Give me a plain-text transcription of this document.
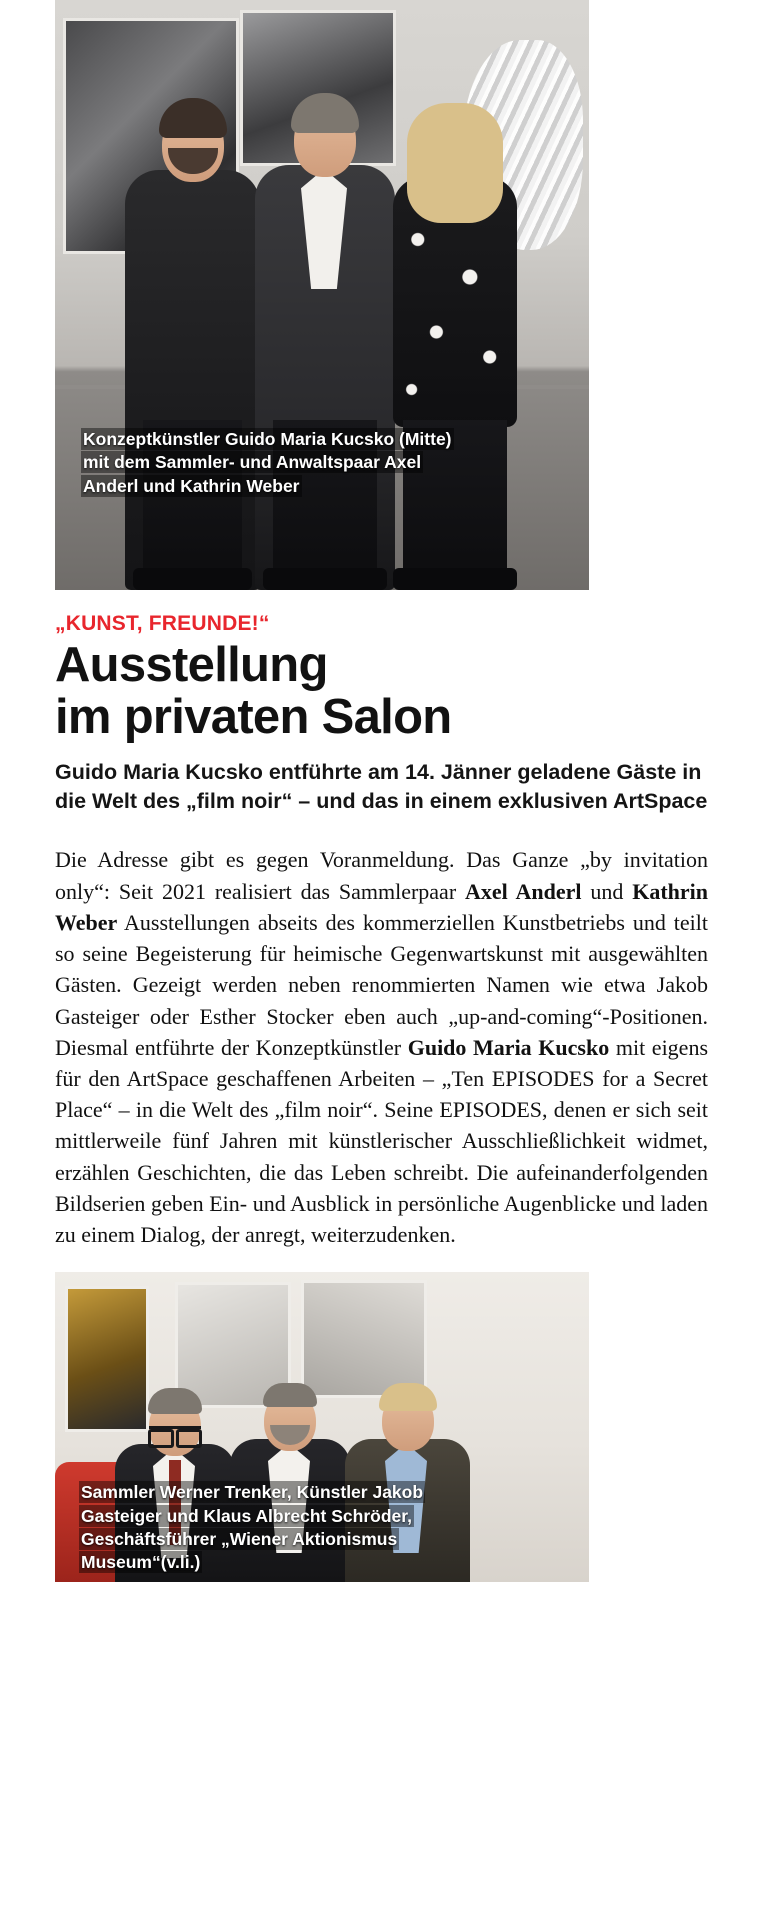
Konzeptkünstler Guido Maria Kucsko (Mitte)
mit dem Sammler- und Anwaltspaar Axel
Anderl und Kathrin Weber
„KUNST, FREUNDE!“
Ausstellung
im privaten Salon

Guido Maria Kucsko entführte am 14. Jänner geladene Gäste in die Welt des „film noir“ – und das in einem exklusiven ArtSpace

Die Adresse gibt es gegen Voranmeldung. Das Ganze „by invitation only“: Seit 2021 realisiert das Sammlerpaar Axel Anderl und Kathrin Weber Ausstellungen abseits des kommerziellen Kunstbetriebs und teilt so seine Begeisterung für heimische Gegenwartskunst mit ausgewählten Gästen. Gezeigt werden neben renommierten Namen wie etwa Jakob Gasteiger oder Esther Stocker eben auch „up-and-coming“-Positionen. Diesmal entführte der Konzeptkünstler Guido Maria Kucsko mit eigens für den ArtSpace geschaffenen Arbeiten – „Ten EPISODES for a Secret Place“ – in die Welt des „film noir“. Seine EPISODES, denen er sich seit mittlerweile fünf Jahren mit künstlerischer Ausschließlichkeit widmet, erzählen Geschichten, die das Leben schreibt. Die aufeinanderfolgenden Bildserien geben Ein- und Ausblick in persönliche Augenblicke und laden zu einem Dialog, der anregt, weiterzudenken.

Sammler Werner Trenker, Künstler Jakob
Gasteiger und Klaus Albrecht Schröder,
Geschäftsführer „Wiener Aktionismus
Museum“(v.li.)
